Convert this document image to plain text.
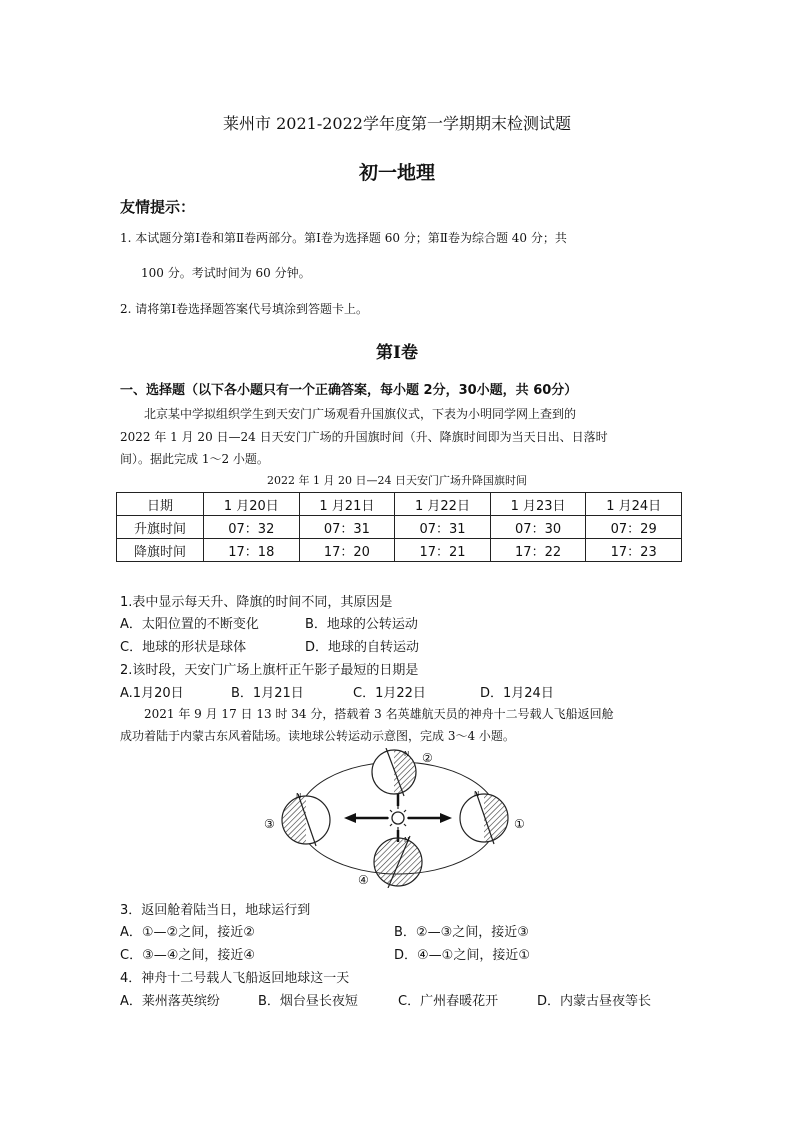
莱州市 2021-2022学年度第一学期期末检测试题
初一地理
友情提示：
1. 本试题分第Ⅰ卷和第Ⅱ卷两部分。第Ⅰ卷为选择题 60 分；第Ⅱ卷为综合题 40 分；共
100 分。考试时间为 60 分钟。
2. 请将第Ⅰ卷选择题答案代号填涂到答题卡上。
第Ⅰ卷
一、选择题（以下各小题只有一个正确答案，每小题 2分，30小题，共 60分）
北京某中学拟组织学生到天安门广场观看升国旗仪式，下表为小明同学网上查到的
2022 年 1 月 20 日—24 日天安门广场的升国旗时间（升、降旗时间即为当天日出、日落时
间）。据此完成 1～2 小题。
2022 年 1 月 20 日—24 日天安门广场升降国旗时间
日期	1 月20日	1 月21日	1 月22日	1 月23日	1 月24日
升旗时间	07：32	07：31	07：31	07：30	07：29
降旗时间	17：18	17：20	17：21	17：22	17：23
1.表中显示每天升、降旗的时间不同，其原因是
A．太阳位置的不断变化	B．地球的公转运动
C．地球的形状是球体	D．地球的自转运动
2.该时段，天安门广场上旗杆正午影子最短的日期是
A.1月20日	B．1月21日	C．1月22日	D．1月24日
2021 年 9 月 17 日 13 时 34 分，搭载着 3 名英雄航天员的神舟十二号载人飞船返回舱
成功着陆于内蒙古东风着陆场。读地球公转运动示意图，完成 3～4 小题。
②
①
③
④
N
N	N
N
3．返回舱着陆当日，地球运行到
A．①—②之间，接近②	B．②—③之间，接近③
C．③—④之间，接近④	D．④—①之间，接近①
4．神舟十二号载人飞船返回地球这一天
A．莱州落英缤纷	B．烟台昼长夜短	C．广州春暖花开	D．内蒙古昼夜等长
